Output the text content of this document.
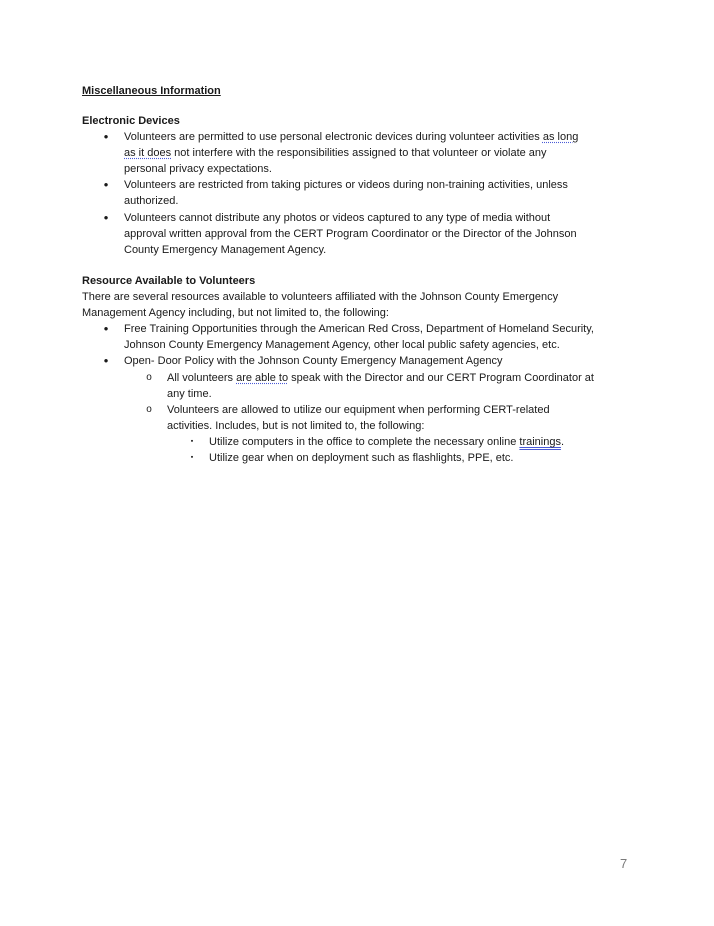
Miscellaneous Information
Electronic Devices
•	Volunteers are permitted to use personal electronic devices during volunteer activities as long
as it does not interfere with the responsibilities assigned to that volunteer or violate any
personal privacy expectations.
•	Volunteers are restricted from taking pictures or videos during non-training activities, unless
authorized.
•	Volunteers cannot distribute any photos or videos captured to any type of media without
approval written approval from the CERT Program Coordinator or the Director of the Johnson
County Emergency Management Agency.
Resource Available to Volunteers
There are several resources available to volunteers affiliated with the Johnson County Emergency
Management Agency including, but not limited to, the following:
•	Free Training Opportunities through the American Red Cross, Department of Homeland Security,
Johnson County Emergency Management Agency, other local public safety agencies, etc.
•	Open- Door Policy with the Johnson County Emergency Management Agency
o All volunteers are able to speak with the Director and our CERT Program Coordinator at
any time.
o Volunteers are allowed to utilize our equipment when performing CERT-related
activities. Includes, but is not limited to, the following:
▪	Utilize computers in the office to complete the necessary online trainings.
▪	Utilize gear when on deployment such as flashlights, PPE, etc.
7
